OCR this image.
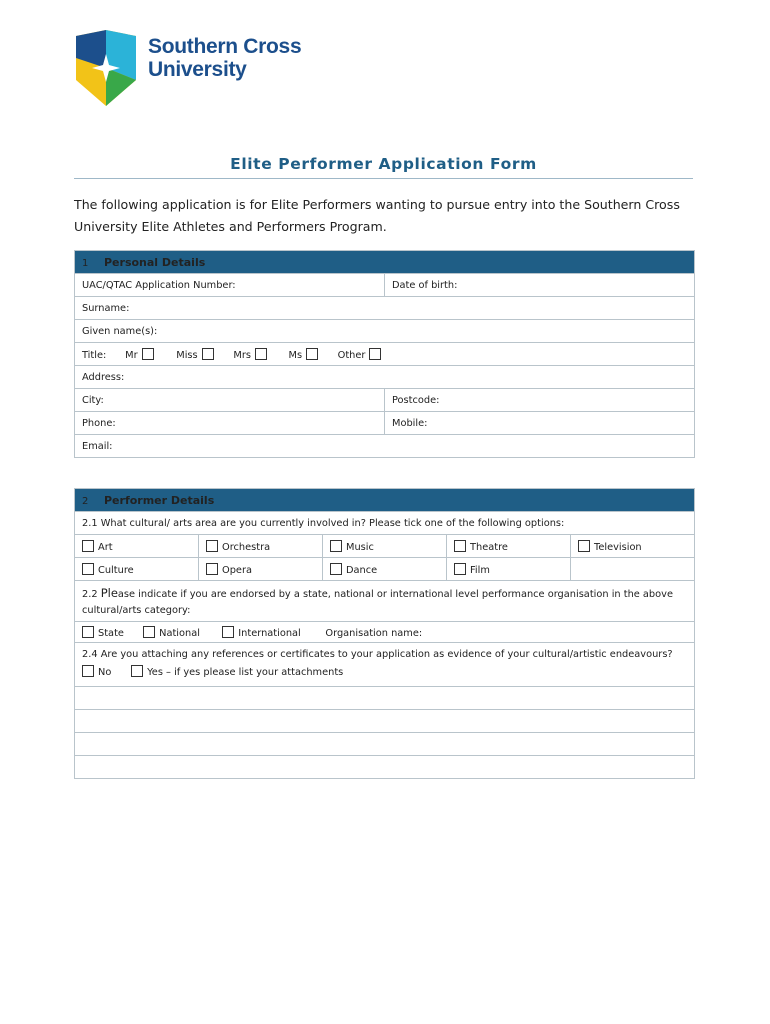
Southern Cross
University
Elite Performer Application Form
The following application is for Elite Performers wanting to pursue entry into the Southern Cross University Elite Athletes and Performers Program.
1 Personal Details	
UAC/QTAC Application Number:	Date of birth:
Surname:	
Given name(s):	
Title: Mr Miss Mrs Ms Other	
Address:	
City:	Postcode:
Phone:	Mobile:
Email:	
2 Performer Details				
2.1 What cultural/ arts area are you currently involved in? Please tick one of the following options:				
Art	Orchestra	Music	Theatre	Television
Culture	Opera	Dance	Film	
2.2 Please indicate if you are endorsed by a state, national or international level performance organisation in the above cultural/arts category:				
State National International Organisation name:				

2.4 Are you attaching any references or certificates to your application as evidence of your cultural/artistic endeavours?
No Yes – if yes please list your attachments				
